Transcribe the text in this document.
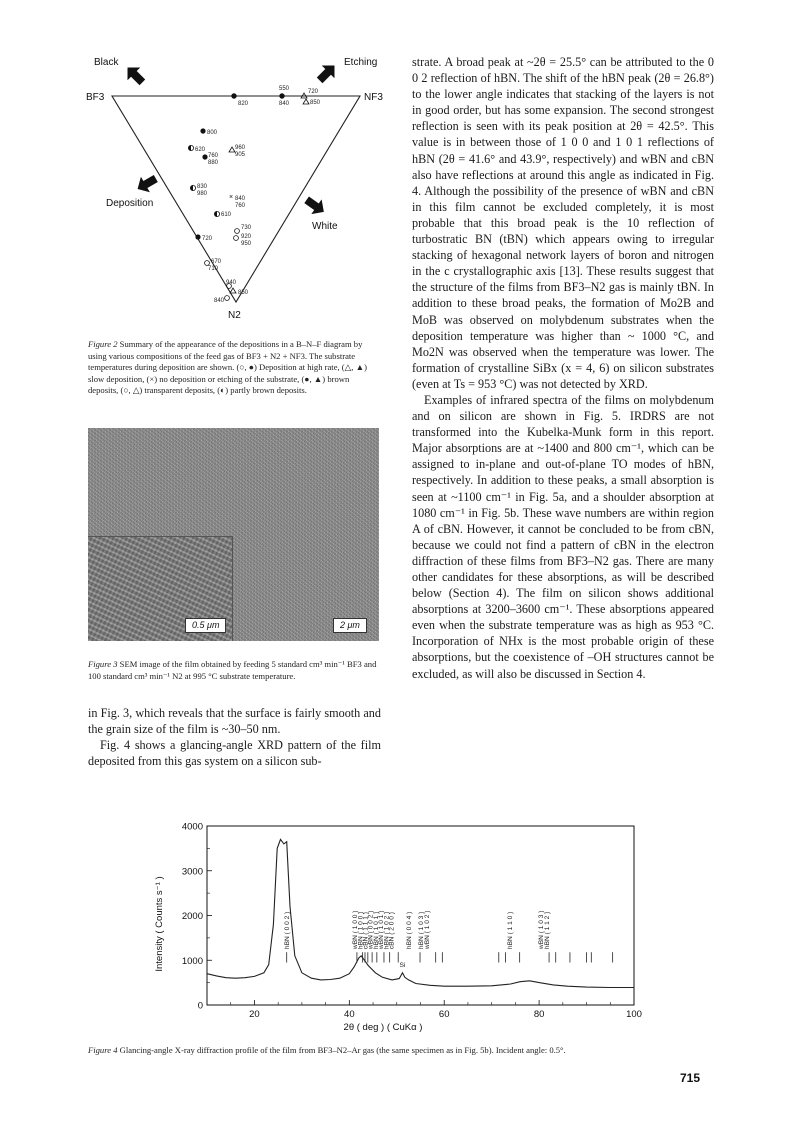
BF3	NF3
N2
Black	Etching
Deposition
White
820
550
840
720
850
800
620
760
880
960
905
830
980	× 840
760
610
730
920
950
720
670
710
940
850
840
Figure 2 Summary of the appearance of the depositions in a B–N–F diagram by using various compositions of the feed gas of BF3 + N2 + NF3. The substrate temperatures during deposition are shown. (○, ●) Deposition at high rate, (△, ▲) slow deposition, (×) no deposition or etching of the substrate, (●, ▲) brown deposits, (○, △) transparent deposits, (◐) partly brown deposits.
0.5 μm	2 μm
Figure 3 SEM image of the film obtained by feeding 5 standard cm³ min⁻¹ BF3 and 100 standard cm³ min⁻¹ N2 at 995 °C substrate temperature.

in Fig. 3, which reveals that the surface is fairly smooth and the grain size of the film is ~30–50 nm.

Fig. 4 shows a glancing-angle XRD pattern of the film deposited from this gas system on a silicon sub-

strate. A broad peak at ~2θ = 25.5° can be attributed to the 0 0 2 reflection of hBN. The shift of the hBN peak (2θ = 26.8°) to the lower angle indicates that stacking of the layers is not in good order, but has some expansion. The second strongest reflection is seen with its peak position at 2θ = 42.5°. This value is in between those of 1 0 0 and 1 0 1 reflections of hBN (2θ = 41.6° and 43.9°, respectively) and wBN and cBN also have reflections at around this angle as indicated in Fig. 4. Although the possibility of the presence of wBN and cBN in this film cannot be excluded completely, it is most probable that this broad peak is the 10 reflection of turbostratic BN (tBN) which appears owing to irregular stacking of hexagonal network layers of boron and nitrogen in the c crystallographic axis [13]. These results suggest that the structure of the films from BF3–N2 gas is mainly tBN. In addition to these broad peaks, the formation of Mo2B and MoB was observed on molybdenum substrates when the deposition temperature was higher than ~ 1000 °C, and Mo2N was observed when the temperature was lower. The formation of crystalline SiBx (x = 4, 6) on silicon substrates (even at Ts = 953 °C) was not detected by XRD.

Examples of infrared spectra of the films on molybdenum and on silicon are shown in Fig. 5. IRDRS are not transformed into the Kubelka-Munk form in this report. Major absorptions are at ~1400 and 800 cm⁻¹, which can be assigned to in-plane and out-of-plane TO modes of hBN, respectively. In addition to these peaks, a small absorption is seen at ~1100 cm⁻¹ in Fig. 5a, and a shoulder absorption at 1080 cm⁻¹ in Fig. 5b. These wave numbers are within region A of cBN. However, it cannot be concluded to be from cBN, because we could not find a pattern of cBN in the electron diffraction of these films from BF3–N2 gas. There are many other candidates for these absorptions, as will be described below (Section 4). The film on silicon shows additional absorptions at 3200–3600 cm⁻¹. These absorptions appeared even when the substrate temperature was as high as 953 °C. Incorporation of NHx is the most probable origin of these absorptions, but the coexistence of –OH structures cannot be excluded, as will also be discussed in Section 4.

20	40	60	80	100
0
1000
2000
3000
4000
hBN ( 0 0 2 )	wBN ( 1 0 0 )
hBN ( 1 0 0 )
cBN ( 1 1 1 )
wBN ( 0 0 2 )
hBN ( 1 0 1 )
wBN ( 1 0 1 )
hBN ( 1 0 2 )
cBN ( 2 0 0 ) hBN ( 0 0 4 ) hBN ( 1 0 3 ) wBN ( 1 0 2 )	hBN ( 1 1 0 )	wBN ( 1 0 3 ) hBN ( 1 1 2 )
Si
2θ ( deg ) ( CuKα )
Intensity ( Counts s⁻¹ )
Figure 4 Glancing-angle X-ray diffraction profile of the film from BF3–N2–Ar gas (the same specimen as in Fig. 5b). Incident angle: 0.5°.
715
